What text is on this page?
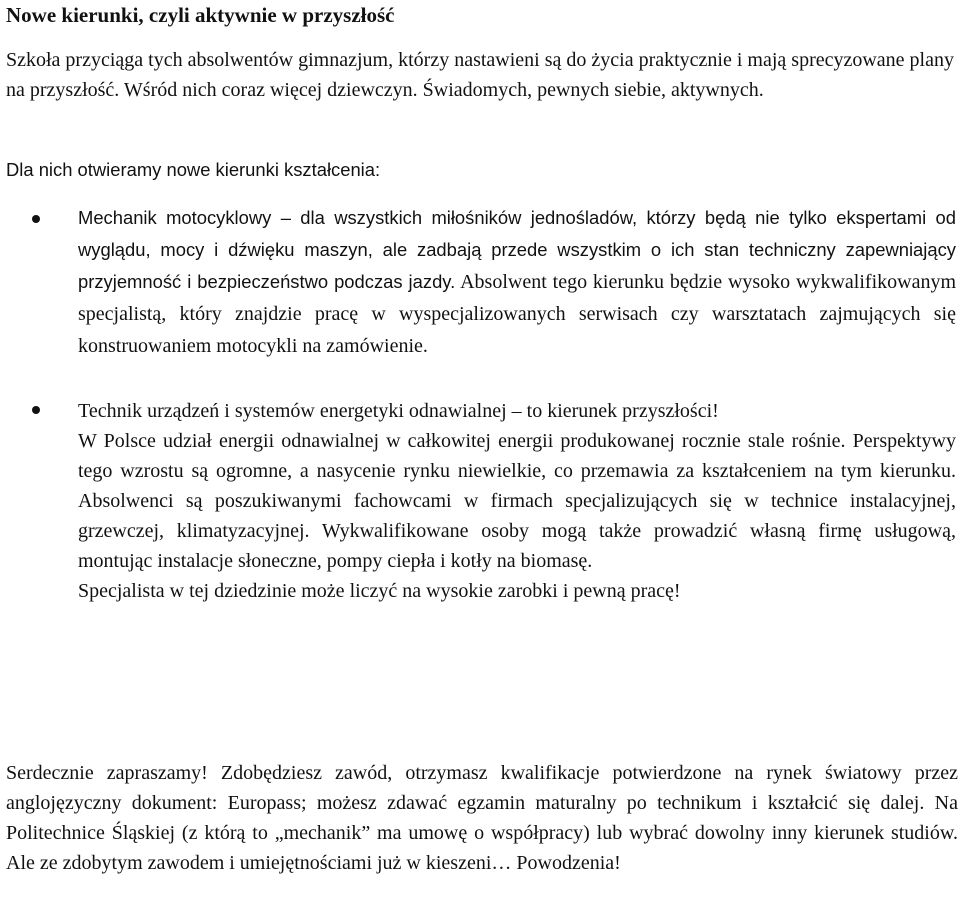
Nowe kierunki, czyli aktywnie w przyszłość

Szkoła przyciąga tych absolwentów gimnazjum, którzy nastawieni są do życia praktycznie i mają sprecyzowane plany na przyszłość. Wśród nich coraz więcej dziewczyn. Świadomych, pewnych siebie, aktywnych.

Dla nich otwieramy nowe kierunki kształcenia:

Mechanik motocyklowy – dla wszystkich miłośników jednośladów, którzy będą nie tylko ekspertami od wyglądu, mocy i dźwięku maszyn, ale zadbają przede wszystkim o ich stan techniczny zapewniający przyjemność i bezpieczeństwo podczas jazdy. Absolwent tego kierunku będzie wysoko wykwalifikowanym specjalistą, który znajdzie pracę w wyspecjalizowanych serwisach czy warsztatach zajmujących się konstruowaniem motocykli na zamówienie.

Technik urządzeń i systemów energetyki odnawialnej – to kierunek przyszłości!
W Polsce udział energii odnawialnej w całkowitej energii produkowanej rocznie stale rośnie. Perspektywy tego wzrostu są ogromne, a nasycenie rynku niewielkie, co przemawia za kształceniem na tym kierunku. Absolwenci są poszukiwanymi fachowcami w firmach specjalizujących się w technice instalacyjnej, grzewczej, klimatyzacyjnej. Wykwalifikowane osoby mogą także prowadzić własną firmę usługową, montując instalacje słoneczne, pompy ciepła i kotły na biomasę.
Specjalista w tej dziedzinie może liczyć na wysokie zarobki i pewną pracę!

Serdecznie zapraszamy! Zdobędziesz zawód, otrzymasz kwalifikacje potwierdzone na rynek światowy przez anglojęzyczny dokument: Europass; możesz zdawać egzamin maturalny po technikum i kształcić się dalej. Na Politechnice Śląskiej (z którą to „mechanik” ma umowę o współpracy) lub wybrać dowolny inny kierunek studiów. Ale ze zdobytym zawodem i umiejętnościami już w kieszeni… Powodzenia!
